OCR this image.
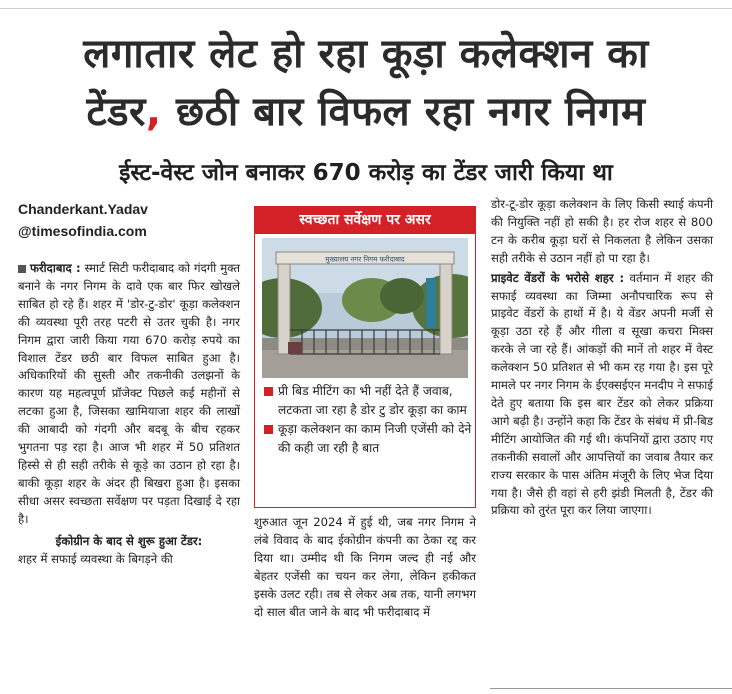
लगातार लेट हो रहा कूड़ा कलेक्शन का
टेंडर, छठी बार विफल रहा नगर निगम
ईस्ट-वेस्ट जोन बनाकर 670 करोड़ का टेंडर जारी किया था
Chanderkant.Yadav
@timesofindia.com

फरीदाबाद : स्मार्ट सिटी फरीदाबाद को गंदगी मुक्त बनाने के नगर निगम के दावे एक बार फिर खोखले साबित हो रहे हैं। शहर में 'डोर-टु-डोर' कूड़ा कलेक्शन की व्यवस्था पूरी तरह पटरी से उतर चुकी है। नगर निगम द्वारा जारी किया गया 670 करोड़ रुपये का विशाल टेंडर छठी बार विफल साबित हुआ है। अधिकारियों की सुस्ती और तकनीकी उलझनों के कारण यह महत्वपूर्ण प्रॉजेक्ट पिछले कई महीनों से लटका हुआ है, जिसका खामियाजा शहर की लाखों की आबादी को गंदगी और बदबू के बीच रहकर भुगतना पड़ रहा है। आज भी शहर में 50 प्रतिशत हिस्से से ही सही तरीके से कूड़े का उठान हो रहा है। बाकी कूड़ा शहर के अंदर ही बिखरा हुआ है। इसका सीधा असर स्वच्छता सर्वेक्षण पर पड़ता दिखाई दे रहा है।

ईकोग्रीन के बाद से शुरू हुआ टेंडर:

शहर में सफाई व्यवस्था के बिगड़ने की

स्वच्छता सर्वेक्षण पर असर
मुख्यालय नगर निगम फरीदाबाद
प्री बिड मीटिंग का भी नहीं देते हैं जवाब, लटकता जा रहा है डोर टु डोर कूड़ा का काम
कूड़ा कलेक्शन का काम निजी एजेंसी को देने की कही जा रही है बात

शुरुआत जून 2024 में हुई थी, जब नगर निगम ने लंबे विवाद के बाद ईकोग्रीन कंपनी का ठेका रद्द कर दिया था। उम्मीद थी कि निगम जल्द ही नई और बेहतर एजेंसी का चयन कर लेगा, लेकिन हकीकत इसके उलट रही। तब से लेकर अब तक, यानी लगभग दो साल बीत जाने के बाद भी फरीदाबाद में

डोर-टू-डोर कूड़ा कलेक्शन के लिए किसी स्थाई कंपनी की नियुक्ति नहीं हो सकी है। हर रोज शहर से 800 टन के करीब कूड़ा घरों से निकलता है लेकिन उसका सही तरीके से उठान नहीं हो पा रहा है।

प्राइवेट वेंडरों के भरोसे शहर : वर्तमान में शहर की सफाई व्यवस्था का जिम्मा अनौपचारिक रूप से प्राइवेट वेंडरों के हाथों में है। ये वेंडर अपनी मर्जी से कूड़ा उठा रहे हैं और गीला व सूखा कचरा मिक्स करके ले जा रहे हैं। आंकड़ों की मानें तो शहर में वेस्ट कलेक्शन 50 प्रतिशत से भी कम रह गया है। इस पूरे मामले पर नगर निगम के ईएक्सईएन मनदीप ने सफाई देते हुए बताया कि इस बार टेंडर को लेकर प्रक्रिया आगे बढ़ी है। उन्होंने कहा कि टेंडर के संबंध में प्री-बिड मीटिंग आयोजित की गई थी। कंपनियों द्वारा उठाए गए तकनीकी सवालों और आपत्तियों का जवाब तैयार कर राज्य सरकार के पास अंतिम मंजूरी के लिए भेज दिया गया है। जैसे ही वहां से हरी झंडी मिलती है, टेंडर की प्रक्रिया को तुरंत पूरा कर लिया जाएगा।
